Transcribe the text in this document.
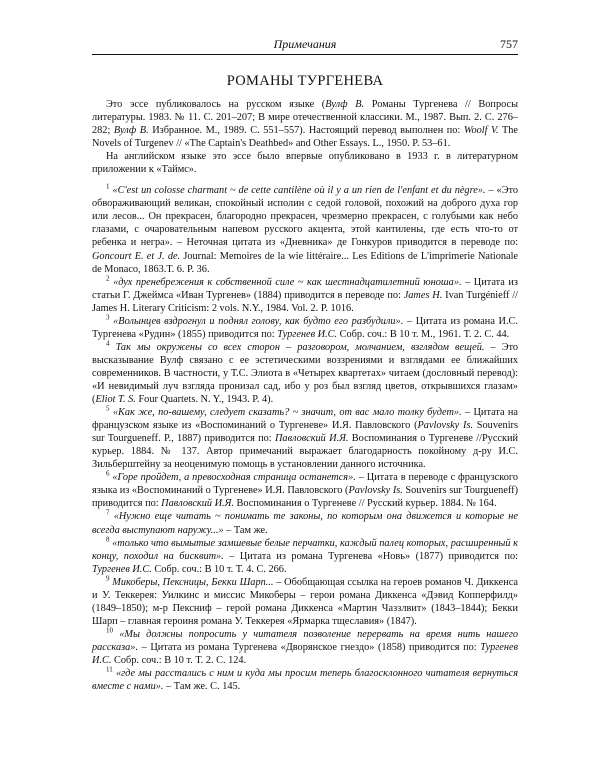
Примечания	757
РОМАНЫ ТУРГЕНЕВА

Это эссе публиковалось на русском языке (Вулф В. Романы Тургенева // Вопросы литературы. 1983. № 11. С. 201–207; В мире отечественной классики. М., 1987. Вып. 2. С. 276–282; Вулф В. Избранное. М., 1989. С. 551–557). Настоящий перевод выполнен по: Woolf V. The Novels of Turgenev // «The Captain's Deathbed» and Other Essays. L., 1950. P. 53–61.

На английском языке это эссе было впервые опубликовано в 1933 г. в литературном приложении к «Таймс».

$^1$ «C'est un colosse charmant ~ de cette cantilène où il y a un rien de l'enfant et du nègre». – «Это обвораживающий великан, спокойный исполин с седой головой, похожий на доброго духа гор или лесов... Он прекрасен, благородно прекрасен, чрезмерно прекрасен, с голубыми как небо глазами, с очаровательным напевом русского акцента, этой кантилены, где есть что-то от ребенка и негра». – Неточная цитата из «Дневника» де Гонкуров приводится в переводе по: Goncourt E. et J. de. Journal: Memoires de la wie littéraire... Les Editions de L'imprimerie Nationale de Monaco, 1863.Т. 6. Р. 36.

$^2$ «дух пренебрежения к собственной силе ~ как шестнадцатилетний юноша». – Цитата из статьи Г. Джеймса «Иван Тургенев» (1884) приводится в переводе по: James H. Ivan Turgénieff // James H. Literary Criticism: 2 vols. N.Y., 1984. Vol. 2. P. 1016.

$^3$ «Волынцев вздрогнул и поднял голову, как будто его разбудили». – Цитата из романа И.С. Тургенева «Рудин» (1855) приводится по: Тургенев И.С. Собр. соч.: В 10 т. М., 1961. Т. 2. С. 44.

$^4$ Так мы окружены со всех сторон – разговором, молчанием, взглядом вещей. – Это высказывание Вулф связано с ее эстетическими воззрениями и взглядами ее ближайших современников. В частности, у Т.С. Элиота в «Четырех квартетах» читаем (дословный перевод): «И невидимый луч взгляда пронизал сад, ибо у роз был взгляд цветов, открывшихся глазам» (Eliot T. S. Four Quartets. N. Y., 1943. P. 4).

$^5$ «Как же, по-вашему, следует сказать? ~ значит, от вас мало толку будет». – Цитата на французском языке из «Воспоминаний о Тургеневе» И.Я. Павловского (Pavlovsky Is. Souvenirs sur Tourgueneff. P., 1887) приводится по: Павловский И.Я. Воспоминания о Тургеневе //Русский курьер. 1884. № 137. Автор примечаний выражает благодарность покойному д-ру И.С. Зильберштейну за неоценимую помощь в установлении данного источника.

$^6$ «Горе пройдет, а превосходная страница останется». – Цитата в переводе с французского языка из «Воспоминаний о Тургеневе» И.Я. Павловского (Pavlovsky Is. Souvenirs sur Tourgueneff) приводится по: Павловский И.Я. Воспоминания о Тургеневе // Русский курьер. 1884. № 164.

$^7$ «Нужно еще читать ~ понимать те законы, по которым она движется и которые не всегда выступают наружу...» – Там же.

$^8$ «только что вымытые замшевые белые перчатки, каждый палец которых, расширенный к концу, походил на бисквит». – Цитата из романа Тургенева «Новь» (1877) приводится по: Тургенев И.С. Собр. соч.: В 10 т. Т. 4. С. 266.

$^9$ Микоберы, Пексницы, Бекки Шарп... – Обобщающая ссылка на героев романов Ч. Диккенса и У. Теккерея: Уилкинс и миссис Микоберы – герои романа Диккенса «Дэвид Копперфилд» (1849–1850); м-р Пексниф – герой романа Диккенса «Мартин Чаззлвит» (1843–1844); Бекки Шарп – главная героиня романа У. Теккерея «Ярмарка тщеславия» (1847).

$^{10}$ «Мы должны попросить у читателя позволение перервать на время нить нашего рассказа». – Цитата из романа Тургенева «Дворянское гнездо» (1858) приводится по: Тургенев И.С. Собр. соч.: В 10 т. Т. 2. С. 124.

$^{11}$ «где мы расстались с ним и куда мы просим теперь благосклонного читателя вернуться вместе с нами». – Там же. С. 145.
